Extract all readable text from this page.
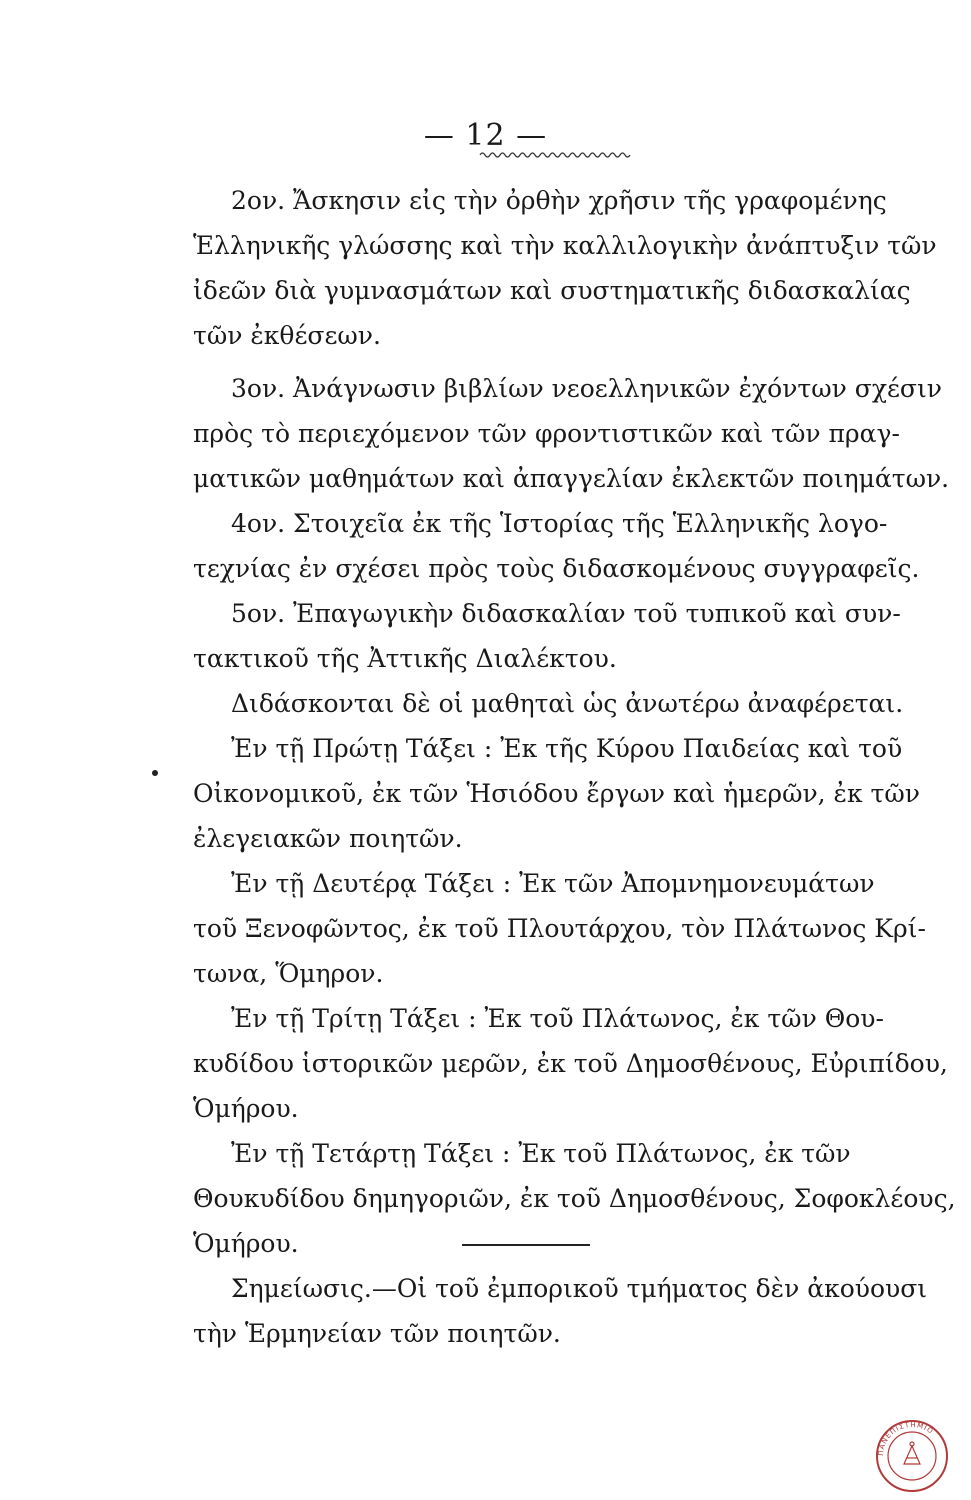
— 12 —
2ον. Ἄσκησιν εἰς τὴν ὀρθὴν χρῆσιν τῆς γραφομένης
Ἑλληνικῆς γλώσσης καὶ τὴν καλλιλογικὴν ἀνάπτυξιν τῶν
ἰδεῶν διὰ γυμνασμάτων καὶ συστηματικῆς διδασκαλίας
τῶν ἐκθέσεων.
3ον. Ἀνάγνωσιν βιβλίων νεοελληνικῶν ἐχόντων σχέσιν
πρὸς τὸ περιεχόμενον τῶν φροντιστικῶν καὶ τῶν πραγ-
ματικῶν μαθημάτων καὶ ἀπαγγελίαν ἐκλεκτῶν ποιημάτων.
4ον. Στοιχεῖα ἐκ τῆς Ἱστορίας τῆς Ἑλληνικῆς λογο-
τεχνίας ἐν σχέσει πρὸς τοὺς διδασκομένους συγγραφεῖς.
5ον. Ἐπαγωγικὴν διδασκαλίαν τοῦ τυπικοῦ καὶ συν-
τακτικοῦ τῆς Ἀττικῆς Διαλέκτου.
Διδάσκονται δὲ οἱ μαθηταὶ ὡς ἀνωτέρω ἀναφέρεται.
Ἐν τῇ Πρώτῃ Τάξει : Ἐκ τῆς Κύρου Παιδείας καὶ τοῦ
Οἰκονομικοῦ, ἐκ τῶν Ἡσιόδου ἔργων καὶ ἡμερῶν, ἐκ τῶν
ἐλεγειακῶν ποιητῶν.
Ἐν τῇ Δευτέρᾳ Τάξει : Ἐκ τῶν Ἀπομνημονευμάτων
τοῦ Ξενοφῶντος, ἐκ τοῦ Πλουτάρχου, τὸν Πλάτωνος Κρί-
τωνα, Ὅμηρον.
Ἐν τῇ Τρίτῃ Τάξει : Ἐκ τοῦ Πλάτωνος, ἐκ τῶν Θου-
κυδίδου ἱστορικῶν μερῶν, ἐκ τοῦ Δημοσθένους, Εὐριπίδου,
Ὁμήρου.
Ἐν τῇ Τετάρτῃ Τάξει : Ἐκ τοῦ Πλάτωνος, ἐκ τῶν
Θουκυδίδου δημηγοριῶν, ἐκ τοῦ Δημοσθένους, Σοφοκλέους,
Ὁμήρου.
Σημείωσις.—Οἱ τοῦ ἐμπορικοῦ τμήματος δὲν ἀκούουσι
τὴν Ἑρμηνείαν τῶν ποιητῶν.
ΠΑΝΕΠΙΣΤΗΜΙΟ
